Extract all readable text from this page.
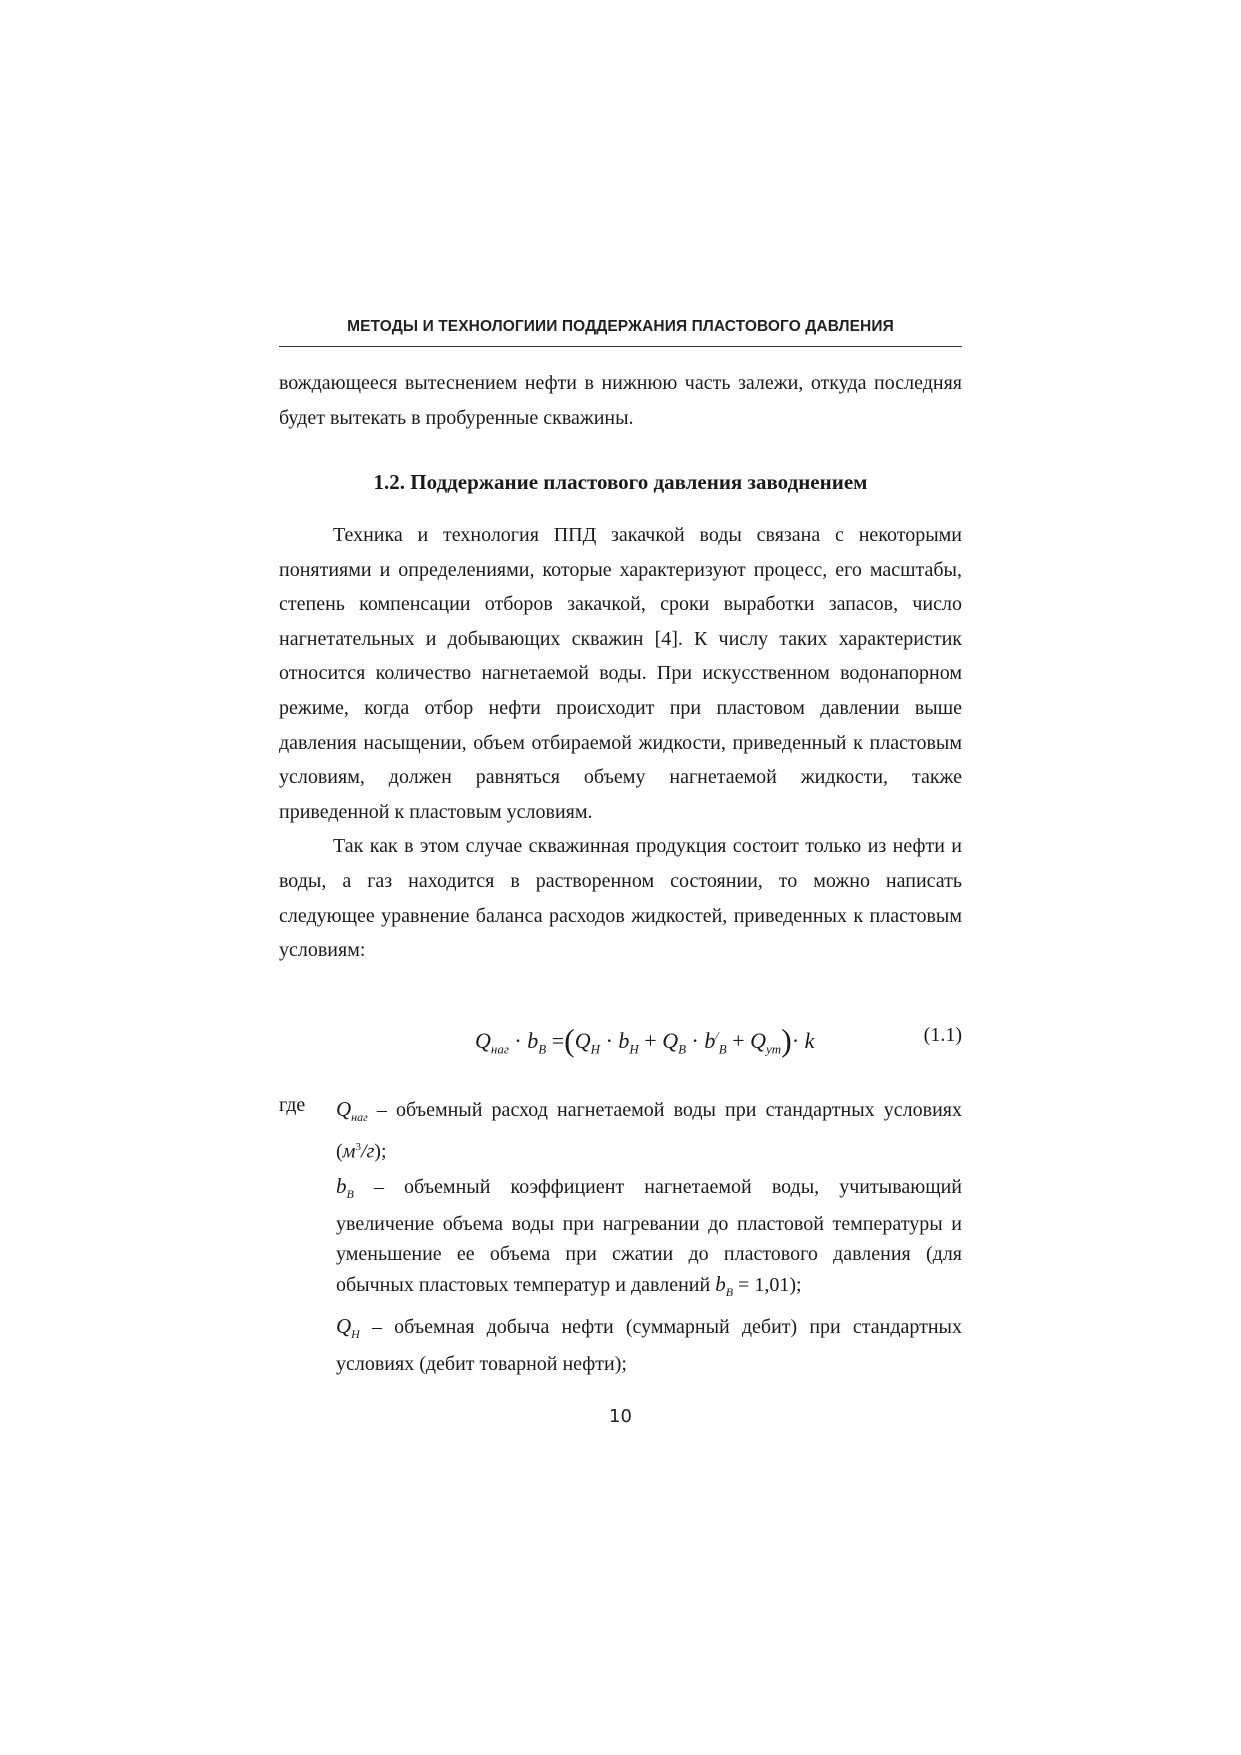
МЕТОДЫ И ТЕХНОЛОГИИИ ПОДДЕРЖАНИЯ ПЛАСТОВОГО ДАВЛЕНИЯ

вождающееся вытеснением нефти в нижнюю часть залежи, откуда последняя будет вытекать в пробуренные скважины.

1.2. Поддержание пластового давления заводнением

Техника и технология ППД закачкой воды связана с некоторыми понятиями и определениями, которые характеризуют процесс, его масштабы, степень компенсации отборов закачкой, сроки выработки запасов, число нагнетательных и добывающих скважин [4]. К числу таких характеристик относится количество нагнетаемой воды. При искусственном водонапорном режиме, когда отбор нефти происходит при пластовом давлении выше давления насыщении, объем отбираемой жидкости, приведенный к пластовым условиям, должен равняться объему нагнетаемой жидкости, также приведенной к пластовым условиям.

Так как в этом случае скважинная продукция состоит только из нефти и воды, а газ находится в растворенном состоянии, то можно написать следующее уравнение баланса расходов жидкостей, приведенных к пластовым условиям:

$Q_{наг} \cdot b_B =(Q_H \cdot b_H + Q_B \cdot b^/_B + Q_{ут})\cdot k$	(1.1)
где $Q_{наг}$ – объемный расход нагнетаемой воды при стандартных условиях $(м^3/г)$;

$b_B$ – объемный коэффициент нагнетаемой воды, учитывающий увеличение объема воды при нагревании до пластовой температуры и уменьшение ее объема при сжатии до пластового давления (для обычных пластовых температур и давлений $b_B = 1,01$);

$Q_H$ – объемная добыча нефти (суммарный дебит) при стандартных условиях (дебит товарной нефти);

10
